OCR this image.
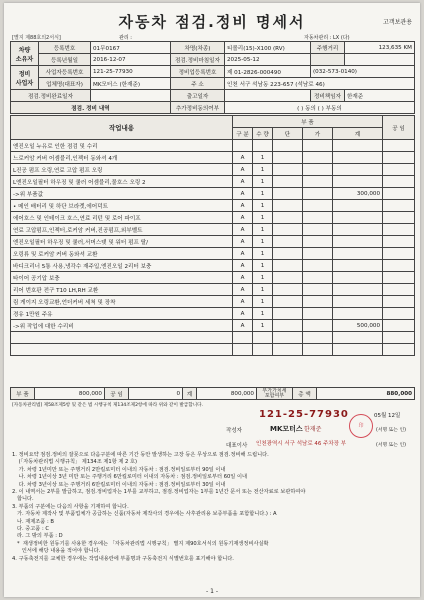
자동차 점검.정비 명세서	고객보관용
[별지 제88호의2서식]	관리 :	자동차관리 : LX (다)
차량
소유자	등록번호	01무0167	차명(차종)	티볼리(15)-X100 (RV)	주행거리	123,635 KM
	등록년월일	2016-12-07	점검.정비마침일자	2025-05-12		
정비
사업자	사업자등록번호	121-25-77930	정비업등록번호	제 01-2826-000490	(032-573-0140)	
	업체명(대표자)	MK모터스 (한재준)	주 소	인천 서구 석남동 223-657 (석남로 46)		
점검.정비완료일자			출고일자		정비책임자	한재준
점검. 정비 내역			추가정비동의여부	( ) 동의 ( ) 부동의		
작업내용	부 품					공 임
	구 분	수 량	단	가	계	
엔진오일 누유로 인한 점검 및 수리						
느로커암 커버 어셈블리,인젝터 동와셔 4개	A	1				
L진공 펌프 오링,연료 고압 펌프 오링	A	1				
L엔진오일필터 하우징 및 쿨러 어셈블리,물호스 오링 2	A	1				
->위 부품값	A	1			300,000	
• 메인 배터리 및 하단 브라켓,에어덕트	A	1				
에어호스 및 인테이크 호스,연료 리턴 및 로어 파이프	A	1				
연료 고압펌프,인젝터,로커암 커버,진공펌프,외부벨트	A	1				
엔진오일필터 하우징 및 쿨러,서머스탯 및 워터 펌프 탈/	A	1				
오링류 및 로커암 커버 동와셔 교환	A	1				
바디크리너 5통 사용,냉각수 재주입,엔진오일 2리터 보충	A	1				
타이어 공기압 보충	A	1				
리어 번호판 전구 T10 LH,RH 교환	A	1				
림 게이지 오링교환,언더커버 세척 및 장착	A	1				
경유 1만원 주유	A	1				
->위 작업에 대한 수리비	A	1			500,000	

부 품	800,000	공 임	0	계	800,000	부가가치세
포함여부	총 액	880,000
[자동차관리법] 제58조제5항 및 같은 법 시행규칙 제134조제2항에 따라 위와 같이 발급합니다.
121-25-77930
작성자	MK모터스 한재준	印
05월 12일
(서명 또는 인)
대표이사 인천광역시 서구 석남로 46 주차장 부	(서명 또는 인)
1. 정비요약 점검.정비의 잘못으로 다음구분에 따른 기간 동안 발생하는 고장 등은 무상으로 점검.정비해 드립니다.
(「자동차관리법 시행규칙」 제134조 제1항 제 2 호)
가. 차령 1년미만 또는 주행거리 2만킬로미터 이내의 자동차 : 점검.정비일로부터 90일 이내
나. 차령 1년이상 3년 미만 또는 주행거리 6만킬로미터 이내의 자동차 : 점검.정비일로부터 60일 이내
다. 차령 3년이상 또는 주행거리 6만킬로미터 이내의 자동차 : 점검.정비일로부터 30일 이내
2. 이 내역서는 2부를 발급하고, 점검.정비업자는 1부를 교부하고, 점검.정비업자는 1부를 1년간 문서 또는 전산자료로 보관하여야
합니다.
3. 부품의 구분에는 다음의 사항을 기재하여 합니다.
가. 자동차 제작사 및 부품업체가 공급하는 신품(자동차 제작사의 경우에는 사후관리용 보증부품을 포함합니다.) : A
나. 재제조품 : B
다. 중고품 : C
라. 그 밖의 부품 : D
*  재생정비한 원동기를 사용한 경우에는 「자동차관리법 시행규칙」 별지 제90호서식의 원동기재생정비사실확
인서에 해당 내용을 적어야 합니다.
4. 구동축전지를 교체한 경우에는 작업내용란에 부품명과 구동축전지 식별번호를 표기해야 합니다.
- 1 -
